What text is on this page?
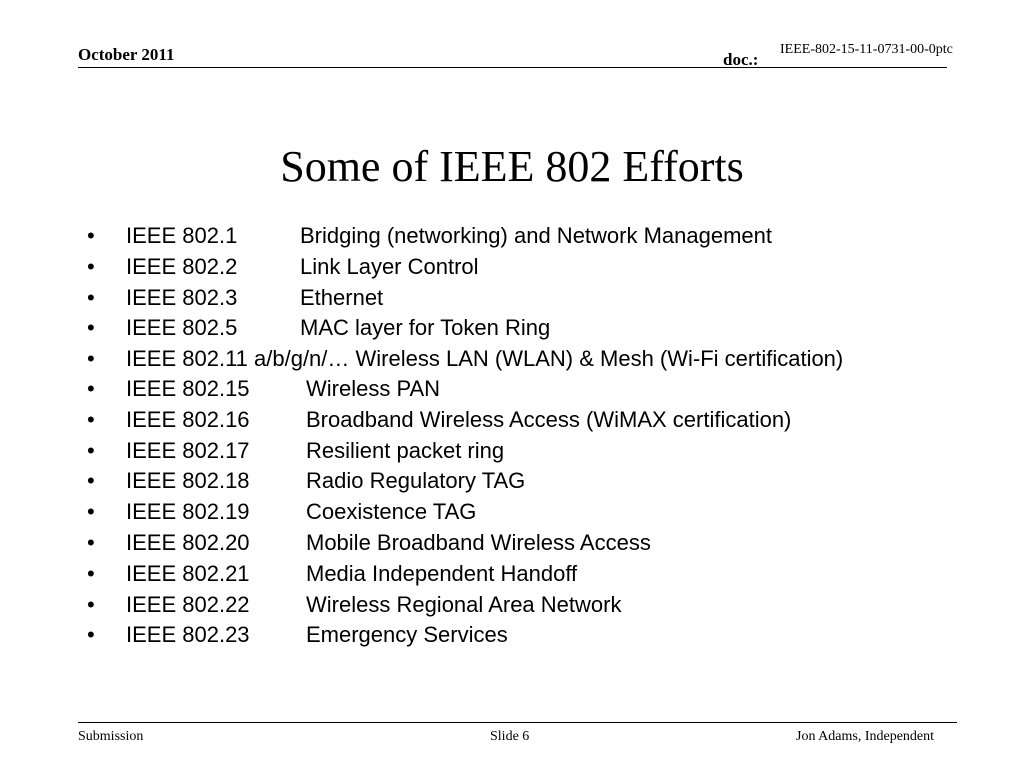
October 2011	doc.:
IEEE-802-15-11-0731-00-0ptc
Some of IEEE 802 Efforts
• IEEE 802.1	Bridging (networking) and Network Management
• IEEE 802.2	Link Layer Control
• IEEE 802.3	Ethernet
• IEEE 802.5	MAC layer for Token Ring
• IEEE 802.11 a/b/g/n/… Wireless LAN (WLAN) & Mesh (Wi-Fi certification)
• IEEE 802.15	Wireless PAN
• IEEE 802.16	Broadband Wireless Access (WiMAX certification)
• IEEE 802.17	Resilient packet ring
• IEEE 802.18	Radio Regulatory TAG
• IEEE 802.19	Coexistence TAG
• IEEE 802.20	Mobile Broadband Wireless Access
• IEEE 802.21	Media Independent Handoff
• IEEE 802.22	Wireless Regional Area Network
• IEEE 802.23	Emergency Services
Submission	Slide 6	Jon Adams, Independent
